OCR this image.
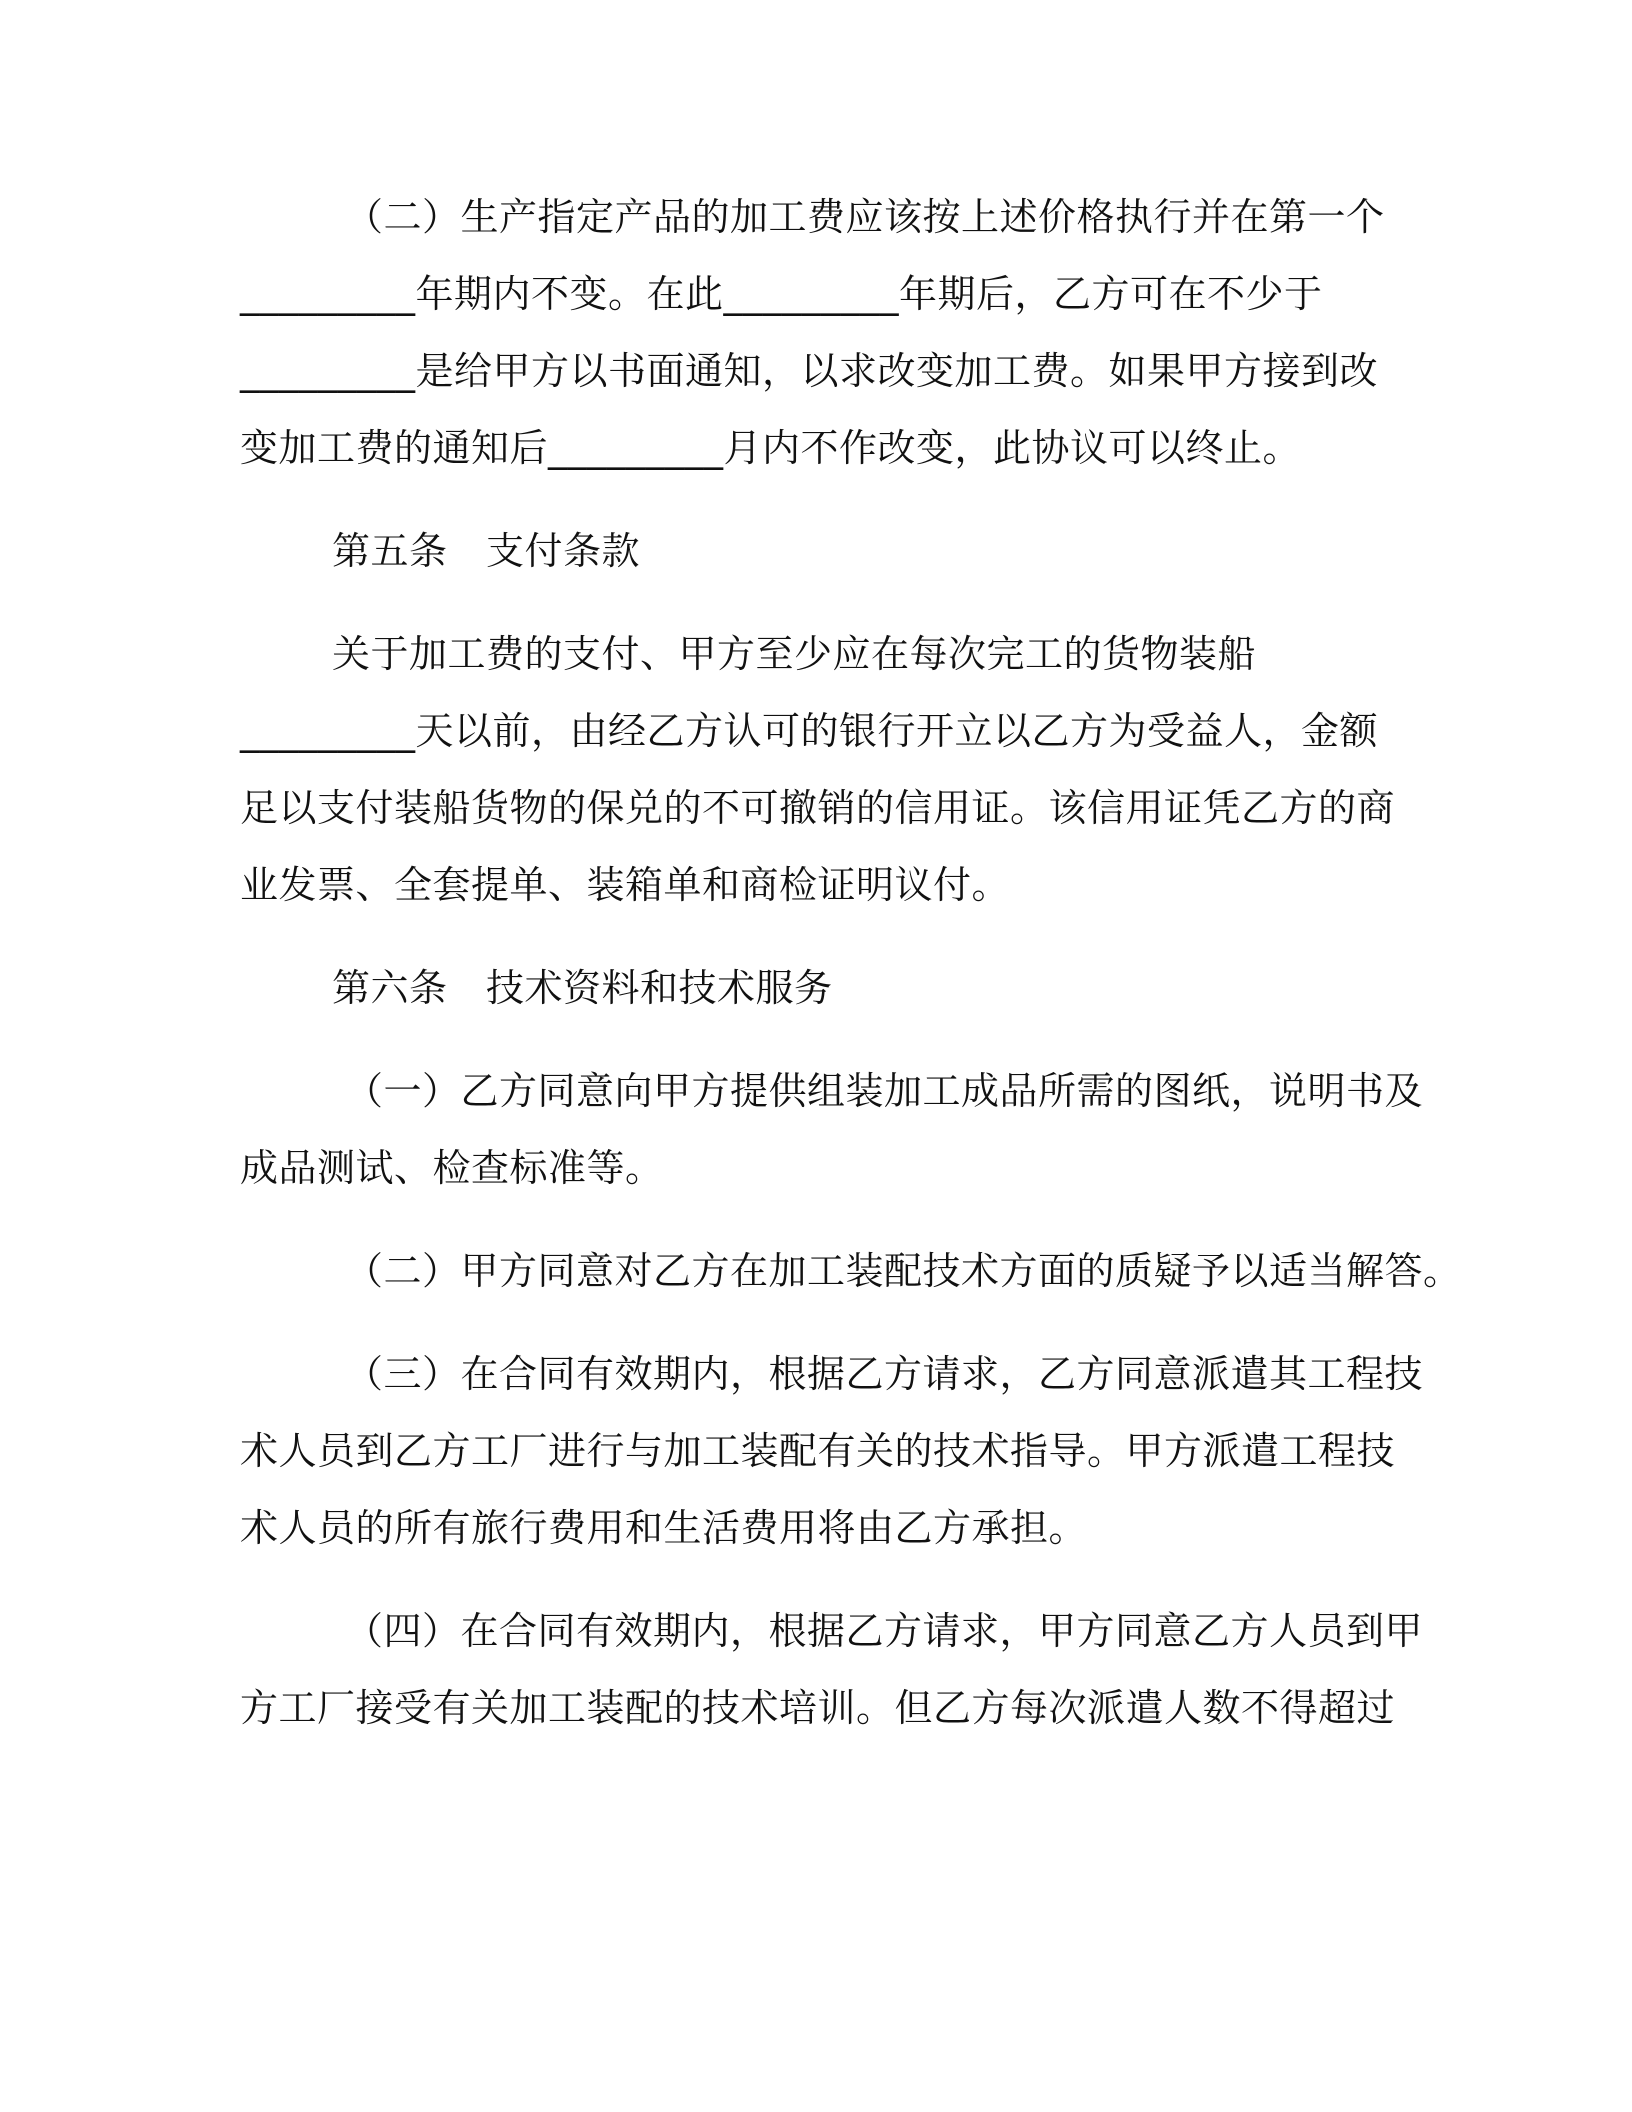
（二）生产指定产品的加工费应该按上述价格执行并在第一个

_________年期内不变。在此_________年期后，乙方可在不少于

_________是给甲方以书面通知，以求改变加工费。如果甲方接到改

变加工费的通知后_________月内不作改变，此协议可以终止。

第五条　支付条款

关于加工费的支付、甲方至少应在每次完工的货物装船

_________天以前，由经乙方认可的银行开立以乙方为受益人，金额

足以支付装船货物的保兑的不可撤销的信用证。该信用证凭乙方的商

业发票、全套提单、装箱单和商检证明议付。

第六条　技术资料和技术服务

（一）乙方同意向甲方提供组装加工成品所需的图纸，说明书及

成品测试、检查标准等。

（二）甲方同意对乙方在加工装配技术方面的质疑予以适当解答。

（三）在合同有效期内，根据乙方请求，乙方同意派遣其工程技

术人员到乙方工厂进行与加工装配有关的技术指导。甲方派遣工程技

术人员的所有旅行费用和生活费用将由乙方承担。

（四）在合同有效期内，根据乙方请求，甲方同意乙方人员到甲

方工厂接受有关加工装配的技术培训。但乙方每次派遣人数不得超过
